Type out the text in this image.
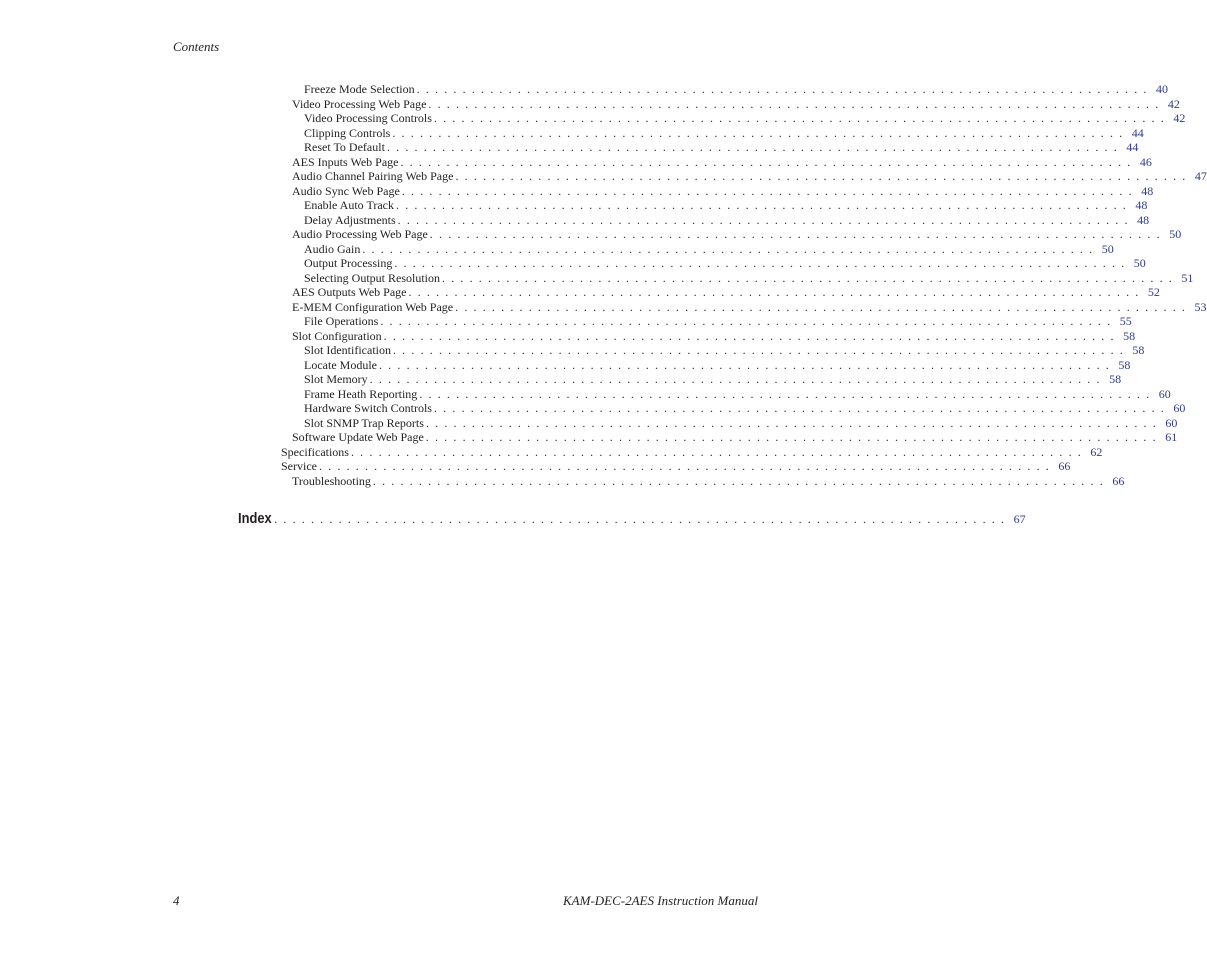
Contents
Freeze Mode Selection . . . . . . . . . . . . . . . . . . . . . . . . . . . . . . . . . . . . . . . . . . . . . . . . . . . . . . . . . . . . . . . . . . . . . . . . . . . . . . . . 40
Video Processing Web Page . . . . . . . . . . . . . . . . . . . . . . . . . . . . . . . . . . . . . . . . . . . . . . . . . . . . . . . . . . . . . . . . . . . . . . . . . . . . . . . . 42
Video Processing Controls . . . . . . . . . . . . . . . . . . . . . . . . . . . . . . . . . . . . . . . . . . . . . . . . . . . . . . . . . . . . . . . . . . . . . . . . . . . . . . . . 42
Clipping Controls . . . . . . . . . . . . . . . . . . . . . . . . . . . . . . . . . . . . . . . . . . . . . . . . . . . . . . . . . . . . . . . . . . . . . . . . . . . . . . . . 44
Reset To Default . . . . . . . . . . . . . . . . . . . . . . . . . . . . . . . . . . . . . . . . . . . . . . . . . . . . . . . . . . . . . . . . . . . . . . . . . . . . . . . . 44
AES Inputs Web Page . . . . . . . . . . . . . . . . . . . . . . . . . . . . . . . . . . . . . . . . . . . . . . . . . . . . . . . . . . . . . . . . . . . . . . . . . . . . . . . . 46
Audio Channel Pairing Web Page . . . . . . . . . . . . . . . . . . . . . . . . . . . . . . . . . . . . . . . . . . . . . . . . . . . . . . . . . . . . . . . . . . . . . . . . . . . . . . . . 47
Audio Sync Web Page . . . . . . . . . . . . . . . . . . . . . . . . . . . . . . . . . . . . . . . . . . . . . . . . . . . . . . . . . . . . . . . . . . . . . . . . . . . . . . . . 48
Enable Auto Track . . . . . . . . . . . . . . . . . . . . . . . . . . . . . . . . . . . . . . . . . . . . . . . . . . . . . . . . . . . . . . . . . . . . . . . . . . . . . . . . 48
Delay Adjustments . . . . . . . . . . . . . . . . . . . . . . . . . . . . . . . . . . . . . . . . . . . . . . . . . . . . . . . . . . . . . . . . . . . . . . . . . . . . . . . . 48
Audio Processing Web Page . . . . . . . . . . . . . . . . . . . . . . . . . . . . . . . . . . . . . . . . . . . . . . . . . . . . . . . . . . . . . . . . . . . . . . . . . . . . . . . . 50
Audio Gain . . . . . . . . . . . . . . . . . . . . . . . . . . . . . . . . . . . . . . . . . . . . . . . . . . . . . . . . . . . . . . . . . . . . . . . . . . . . . . . . 50
Output Processing . . . . . . . . . . . . . . . . . . . . . . . . . . . . . . . . . . . . . . . . . . . . . . . . . . . . . . . . . . . . . . . . . . . . . . . . . . . . . . . . 50
Selecting Output Resolution . . . . . . . . . . . . . . . . . . . . . . . . . . . . . . . . . . . . . . . . . . . . . . . . . . . . . . . . . . . . . . . . . . . . . . . . . . . . . . . . 51
AES Outputs Web Page . . . . . . . . . . . . . . . . . . . . . . . . . . . . . . . . . . . . . . . . . . . . . . . . . . . . . . . . . . . . . . . . . . . . . . . . . . . . . . . . 52
E-MEM Configuration Web Page . . . . . . . . . . . . . . . . . . . . . . . . . . . . . . . . . . . . . . . . . . . . . . . . . . . . . . . . . . . . . . . . . . . . . . . . . . . . . . . . 53
File Operations . . . . . . . . . . . . . . . . . . . . . . . . . . . . . . . . . . . . . . . . . . . . . . . . . . . . . . . . . . . . . . . . . . . . . . . . . . . . . . . . 55
Slot Configuration . . . . . . . . . . . . . . . . . . . . . . . . . . . . . . . . . . . . . . . . . . . . . . . . . . . . . . . . . . . . . . . . . . . . . . . . . . . . . . . . 58
Slot Identification . . . . . . . . . . . . . . . . . . . . . . . . . . . . . . . . . . . . . . . . . . . . . . . . . . . . . . . . . . . . . . . . . . . . . . . . . . . . . . . . 58
Locate Module . . . . . . . . . . . . . . . . . . . . . . . . . . . . . . . . . . . . . . . . . . . . . . . . . . . . . . . . . . . . . . . . . . . . . . . . . . . . . . . . 58
Slot Memory . . . . . . . . . . . . . . . . . . . . . . . . . . . . . . . . . . . . . . . . . . . . . . . . . . . . . . . . . . . . . . . . . . . . . . . . . . . . . . . . 58
Frame Heath Reporting . . . . . . . . . . . . . . . . . . . . . . . . . . . . . . . . . . . . . . . . . . . . . . . . . . . . . . . . . . . . . . . . . . . . . . . . . . . . . . . . 60
Hardware Switch Controls . . . . . . . . . . . . . . . . . . . . . . . . . . . . . . . . . . . . . . . . . . . . . . . . . . . . . . . . . . . . . . . . . . . . . . . . . . . . . . . . 60
Slot SNMP Trap Reports . . . . . . . . . . . . . . . . . . . . . . . . . . . . . . . . . . . . . . . . . . . . . . . . . . . . . . . . . . . . . . . . . . . . . . . . . . . . . . . . 60
Software Update Web Page . . . . . . . . . . . . . . . . . . . . . . . . . . . . . . . . . . . . . . . . . . . . . . . . . . . . . . . . . . . . . . . . . . . . . . . . . . . . . . . . 61
Specifications . . . . . . . . . . . . . . . . . . . . . . . . . . . . . . . . . . . . . . . . . . . . . . . . . . . . . . . . . . . . . . . . . . . . . . . . . . . . . . . . 62
Service . . . . . . . . . . . . . . . . . . . . . . . . . . . . . . . . . . . . . . . . . . . . . . . . . . . . . . . . . . . . . . . . . . . . . . . . . . . . . . . . 66
Troubleshooting . . . . . . . . . . . . . . . . . . . . . . . . . . . . . . . . . . . . . . . . . . . . . . . . . . . . . . . . . . . . . . . . . . . . . . . . . . . . . . . . 66
Index . . . . . . . . . . . . . . . . . . . . . . . . . . . . . . . . . . . . . . . . . . . . . . . . . . . . . . . . . . . . . . . . . . . . . . . . . . . . . . . . 67
4	KAM-DEC-2AES Instruction Manual
